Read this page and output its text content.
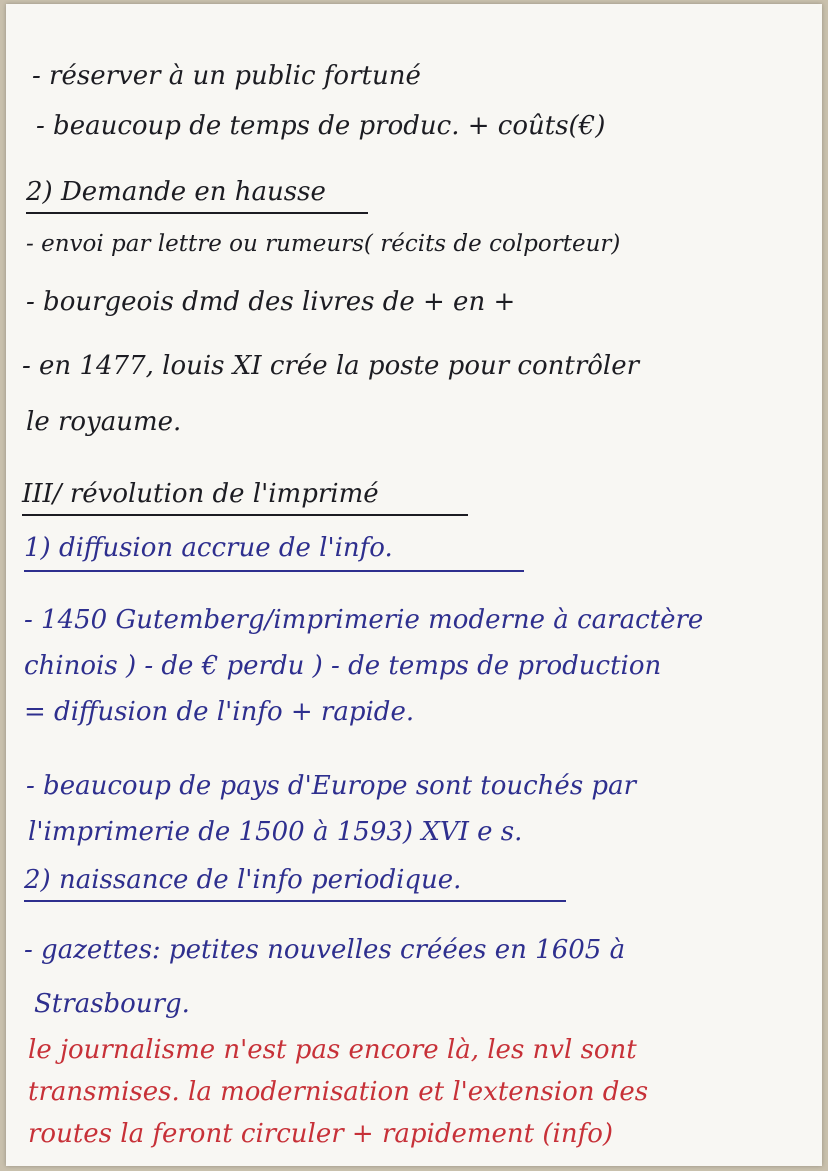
- réserver à un public fortuné

- beaucoup de temps de produc. + coûts(€)

2) Demande en hausse

- envoi par lettre ou rumeurs( récits de colporteur)

- bourgeois dmd des livres de + en +

- en 1477, louis XI crée la poste pour contrôler

le royaume.

III/ révolution de l'imprimé

1) diffusion accrue de l'info.

- 1450 Gutemberg/imprimerie moderne à caractère

chinois ) - de € perdu ) - de temps de production

= diffusion de l'info + rapide.

- beaucoup de pays d'Europe sont touchés par

l'imprimerie de 1500 à 1593) XVI e s.

2) naissance de l'info periodique.

- gazettes: petites nouvelles créées en 1605 à

Strasbourg.

le journalisme n'est pas encore là, les nvl sont

transmises. la modernisation et l'extension des

routes la feront circuler + rapidement (info)
